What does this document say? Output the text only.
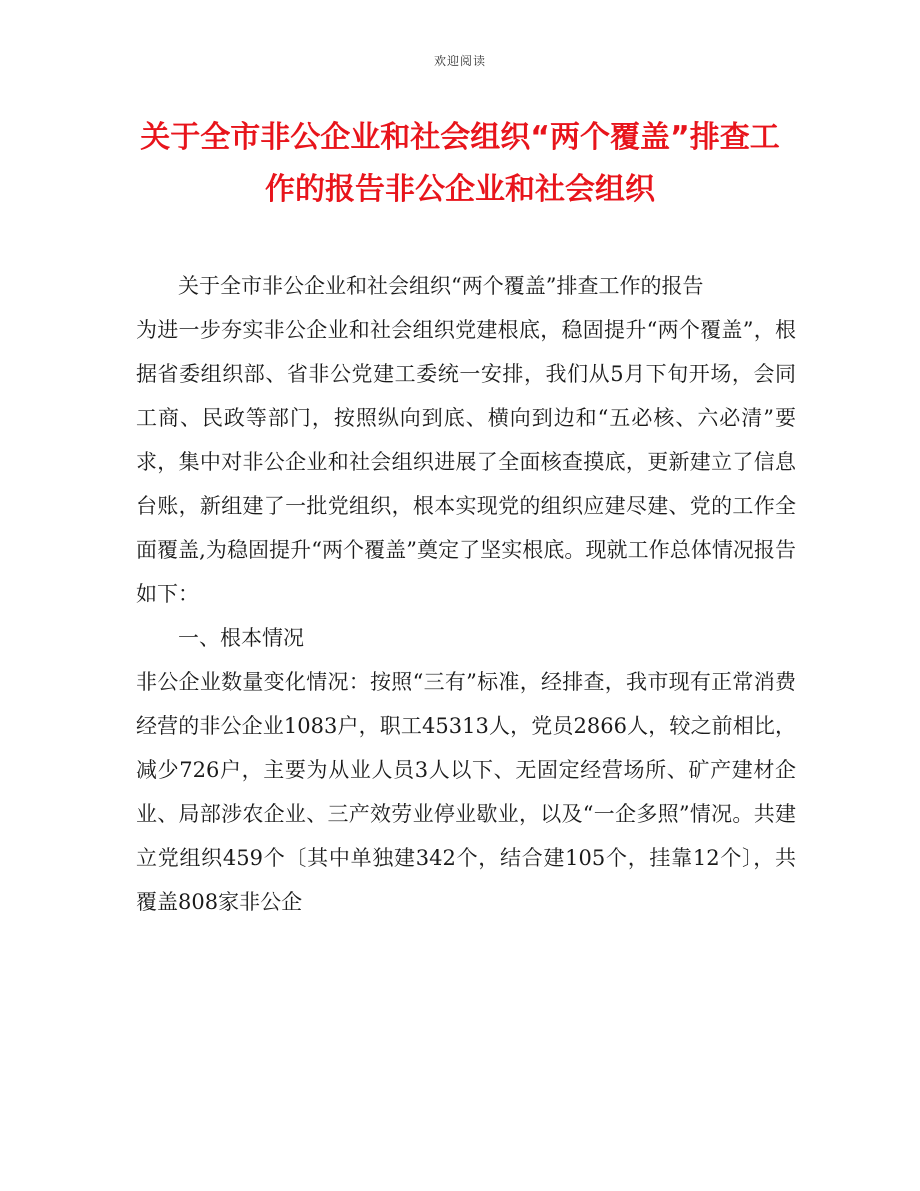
欢迎阅读
关于全市非公企业和社会组织“两个覆盖”排查工作的报告非公企业和社会组织

关于全市非公企业和社会组织“两个覆盖”排查工作的报告

为进一步夯实非公企业和社会组织党建根底，稳固提升“两个覆盖”，根据省委组织部、省非公党建工委统一安排，我们从5月下旬开场，会同工商、民政等部门，按照纵向到底、横向到边和“五必核、六必清”要求，集中对非公企业和社会组织进展了全面核查摸底，更新建立了信息台账，新组建了一批党组织，根本实现党的组织应建尽建、党的工作全面覆盖,为稳固提升“两个覆盖”奠定了坚实根底。现就工作总体情况报告如下：

一、根本情况

非公企业数量变化情况：按照“三有”标准，经排查，我市现有正常消费经营的非公企业1083户，职工45313人，党员2866人，较之前相比，减少726户，主要为从业人员3人以下、无固定经营场所、矿产建材企业、局部涉农企业、三产效劳业停业歇业，以及“一企多照”情况。共建立党组织459个〔其中单独建342个，结合建105个，挂靠12个〕，共覆盖808家非公企
